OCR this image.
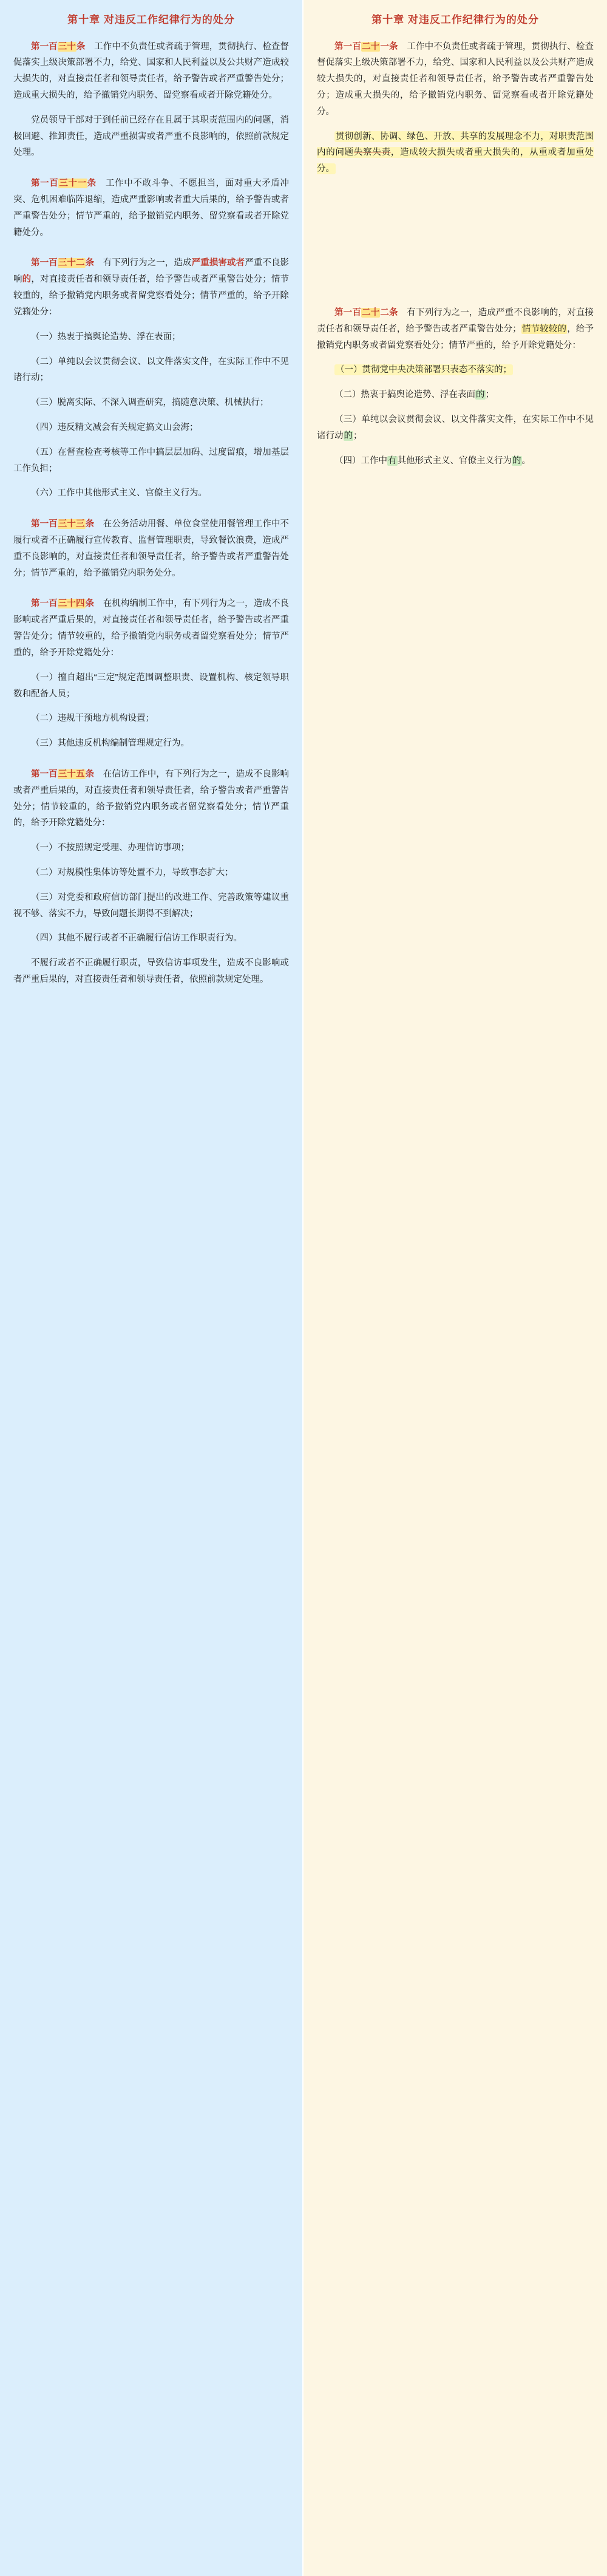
第十章 对违反工作纪律行为的处分

第一百三十条　工作中不负责任或者疏于管理，贯彻执行、检查督促落实上级决策部署不力，给党、国家和人民利益以及公共财产造成较大损失的，对直接责任者和领导责任者，给予警告或者严重警告处分；造成重大损失的，给予撤销党内职务、留党察看或者开除党籍处分。

党员领导干部对于到任前已经存在且属于其职责范围内的问题，消极回避、推卸责任，造成严重损害或者严重不良影响的，依照前款规定处理。

第一百三十一条　工作中不敢斗争、不愿担当，面对重大矛盾冲突、危机困难临阵退缩，造成严重影响或者重大后果的，给予警告或者严重警告处分；情节严重的，给予撤销党内职务、留党察看或者开除党籍处分。

第一百三十二条　有下列行为之一，造成严重损害或者严重不良影响的，对直接责任者和领导责任者，给予警告或者严重警告处分；情节较重的，给予撤销党内职务或者留党察看处分；情节严重的，给予开除党籍处分：

（一）热衷于搞舆论造势、浮在表面；

（二）单纯以会议贯彻会议、以文件落实文件，在实际工作中不见诸行动；

（三）脱离实际、不深入调查研究，搞随意决策、机械执行；

（四）违反精文减会有关规定搞文山会海；

（五）在督查检查考核等工作中搞层层加码、过度留痕，增加基层工作负担；

（六）工作中其他形式主义、官僚主义行为。

第一百三十三条　在公务活动用餐、单位食堂使用餐管理工作中不履行或者不正确履行宣传教育、监督管理职责，导致餐饮浪费，造成严重不良影响的，对直接责任者和领导责任者，给予警告或者严重警告处分；情节严重的，给予撤销党内职务处分。

第一百三十四条　在机构编制工作中，有下列行为之一，造成不良影响或者严重后果的，对直接责任者和领导责任者，给予警告或者严重警告处分；情节较重的，给予撤销党内职务或者留党察看处分；情节严重的，给予开除党籍处分：

（一）擅自超出“三定”规定范围调整职责、设置机构、核定领导职数和配备人员；

（二）违规干预地方机构设置；

（三）其他违反机构编制管理规定行为。

第一百三十五条　在信访工作中，有下列行为之一，造成不良影响或者严重后果的，对直接责任者和领导责任者，给予警告或者严重警告处分；情节较重的，给予撤销党内职务或者留党察看处分；情节严重的，给予开除党籍处分：

（一）不按照规定受理、办理信访事项；

（二）对规模性集体访等处置不力，导致事态扩大；

（三）对党委和政府信访部门提出的改进工作、完善政策等建议重视不够、落实不力，导致问题长期得不到解决；

（四）其他不履行或者不正确履行信访工作职责行为。

不履行或者不正确履行职责，导致信访事项发生，造成不良影响或者严重后果的，对直接责任者和领导责任者，依照前款规定处理。

第十章 对违反工作纪律行为的处分

第一百二十一条　工作中不负责任或者疏于管理，贯彻执行、检查督促落实上级决策部署不力，给党、国家和人民利益以及公共财产造成较大损失的，对直接责任者和领导责任者，给予警告或者严重警告处分；造成重大损失的，给予撤销党内职务、留党察看或者开除党籍处分。

贯彻创新、协调、绿色、开放、共享的发展理念不力，对职责范围内的问题失察失责，造成较大损失或者重大损失的，从重或者加重处分。

第一百二十二条　有下列行为之一，造成严重不良影响的，对直接责任者和领导责任者，给予警告或者严重警告处分；情节较较的，给予撤销党内职务或者留党察看处分；情节严重的，给予开除党籍处分：

（一）贯彻党中央决策部署只表态不落实的；

（二）热衷于搞舆论造势、浮在表面的；

（三）单纯以会议贯彻会议、以文件落实文件，在实际工作中不见诸行动的；

（四）工作中有其他形式主义、官僚主义行为的。
